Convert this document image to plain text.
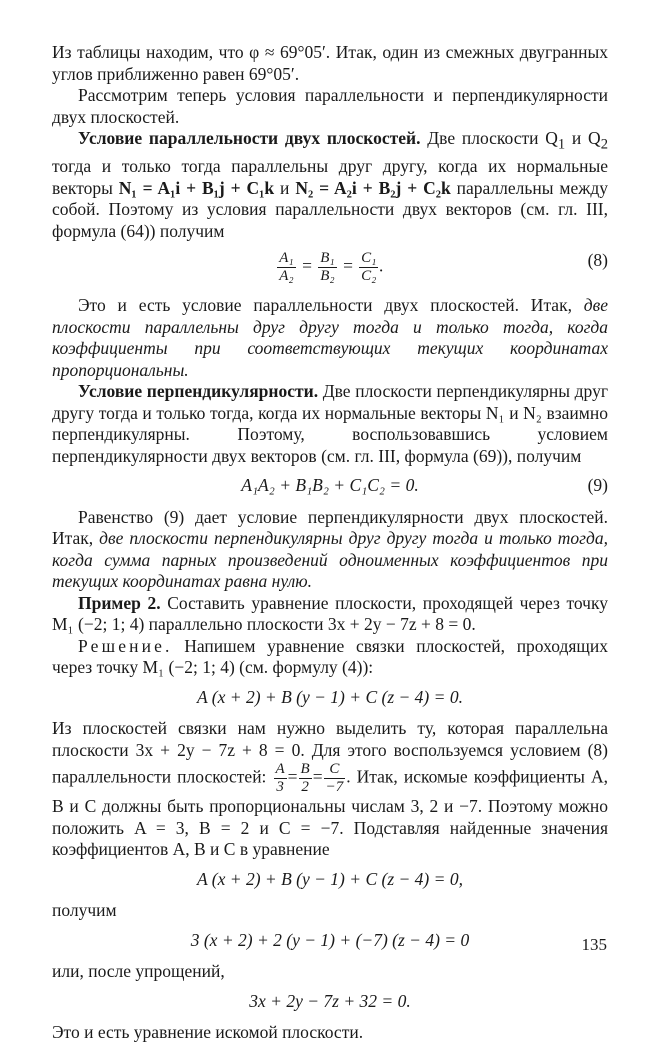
Из таблицы находим, что φ ≈ 69°05′. Итак, один из смежных двугранных углов приближенно равен 69°05′.

Рассмотрим теперь условия параллельности и перпендикулярности двух плоскостей.

Условие параллельности двух плоскостей. Две плоскости $Q_1$ и $Q_2$ тогда и только тогда параллельны друг другу, когда их нормальные векторы N₁ = A₁i + B₁j + C₁k и N₂ = A₂i + B₂j + C₂k параллельны между собой. Поэтому из условия параллельности двух векторов (см. гл. III, формула (64)) получим

$\frac{\text{A₁}}{\text{A₂}} = \frac{\text{B₁}}{\text{B₂}} = \frac{\text{C₁}}{\text{C₂}}$ .	(8)

Это и есть условие параллельности двух плоскостей. Итак, две плоскости параллельны друг другу тогда и только тогда, когда коэффициенты при соответствующих текущих координатах пропорциональны.

Условие перпендикулярности. Две плоскости перпендикулярны друг другу тогда и только тогда, когда их нормальные векторы N₁ и N₂ взаимно перпендикулярны. Поэтому, воспользовавшись условием перпендикулярности двух векторов (см. гл. III, формула (69)), получим

A₁A₂ + B₁B₂ + C₁C₂ = 0.	(9)

Равенство (9) дает условие перпендикулярности двух плоскостей. Итак, две плоскости перпендикулярны друг другу тогда и только тогда, когда сумма парных произведений одноименных коэффициентов при текущих координатах равна нулю.

Пример 2. Составить уравнение плоскости, проходящей через точку M₁ (−2; 1; 4) параллельно плоскости 3x + 2y − 7z + 8 = 0.

Решение. Напишем уравнение связки плоскостей, проходящих через точку M₁ (−2; 1; 4) (см. формулу (4)):

A (x + 2) + B (y − 1) + C (z − 4) = 0.

Из плоскостей связки нам нужно выделить ту, которая параллельна плоскости 3x + 2y − 7z + 8 = 0. Для этого воспользуемся условием (8) параллельности плоскостей: $\frac{A}{3} = \frac{B}{2} = \frac{C}{-7}$ . Итак, искомые коэффициенты A, B и C должны быть пропорциональны числам 3, 2 и −7. Поэтому можно положить A = 3, B = 2 и C = −7. Подставляя найденные значения коэффициентов A, B и C в уравнение

A (x + 2) + B (y − 1) + C (z − 4) = 0,

получим

3 (x + 2) + 2 (y − 1) + (−7) (z − 4) = 0

или, после упрощений,

3x + 2y − 7z + 32 = 0.

Это и есть уравнение искомой плоскости.

135
